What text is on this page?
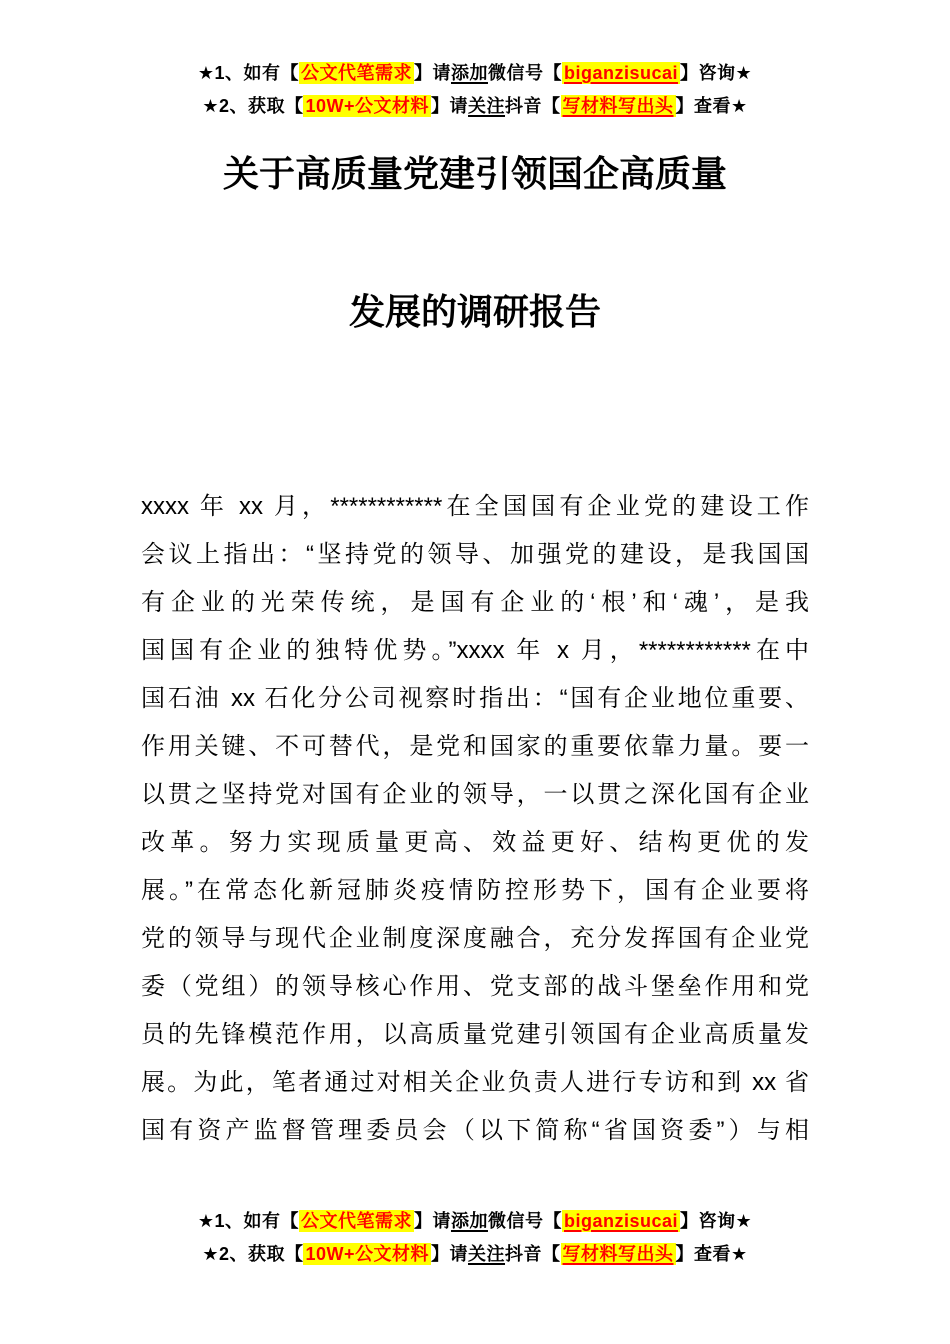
★1、如有【 公文代笔需求 】请添加微信号【 biganzisucai 】咨询★
★2、获取【 10W+公文材料 】请关注抖音【 写材料写出头 】查看★
关于高质量党建引领国企高质量
发展的调研报告
xxxx 年 xx 月，************在全国国有企业党的建设工作
会议上指出：“坚持党的领导、加强党的建设，是我国国
有企业的光荣传统，是国有企业的‘根’和‘魂’，是我
国国有企业的独特优势。”xxxx 年 x 月，************在中
国石油 xx 石化分公司视察时指出：“国有企业地位重要、
作用关键、不可替代，是党和国家的重要依靠力量。要一
以贯之坚持党对国有企业的领导，一以贯之深化国有企业
改革。努力实现质量更高、效益更好、结构更优的发
展。”在常态化新冠肺炎疫情防控形势下，国有企业要将
党的领导与现代企业制度深度融合，充分发挥国有企业党
委（党组）的领导核心作用、党支部的战斗堡垒作用和党
员的先锋模范作用，以高质量党建引领国有企业高质量发
展。为此，笔者通过对相关企业负责人进行专访和到 xx 省
国有资产监督管理委员会（以下简称“省国资委”）与相
★1、如有【 公文代笔需求 】请添加微信号【 biganzisucai 】咨询★
★2、获取【 10W+公文材料 】请关注抖音【 写材料写出头 】查看★
